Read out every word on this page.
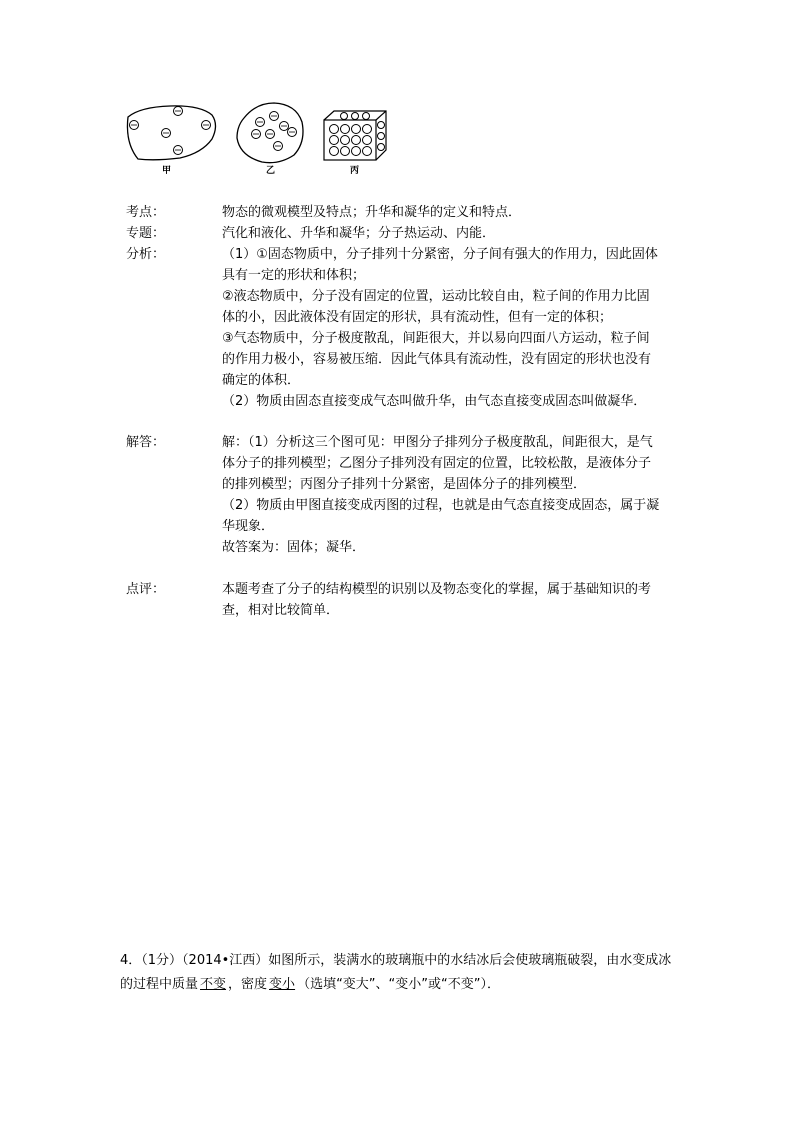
甲	乙	丙
考点：	物态的微观模型及特点；升华和凝华的定义和特点．

专题：	汽化和液化、升华和凝华；分子热运动、内能．

分析：	（1）①固态物质中，分子排列十分紧密，分子间有强大的作用力，因此固体具有一定的形状和体积；

②液态物质中，分子没有固定的位置，运动比较自由，粒子间的作用力比固体的小，因此液体没有固定的形状，具有流动性，但有一定的体积；

③气态物质中，分子极度散乱，间距很大，并以易向四面八方运动，粒子间的作用力极小，容易被压缩．因此气体具有流动性，没有固定的形状也没有确定的体积．

（2）物质由固态直接变成气态叫做升华，由气态直接变成固态叫做凝华．

解答：	解：（1）分析这三个图可见：甲图分子排列分子极度散乱，间距很大，是气体分子的排列模型；乙图分子排列没有固定的位置，比较松散，是液体分子的排列模型；丙图分子排列十分紧密，是固体分子的排列模型．

（2）物质由甲图直接变成丙图的过程，也就是由气态直接变成固态，属于凝华现象．

故答案为：固体；凝华．

点评：	本题考查了分子的结构模型的识别以及物态变化的掌握，属于基础知识的考查，相对比较简单．

4．（1分）（2014•江西）如图所示，装满水的玻璃瓶中的水结冰后会使玻璃瓶破裂，由水变成冰的过程中质量 不变 ，密度 变小 （选填“变大”、“变小”或“不变”）．
